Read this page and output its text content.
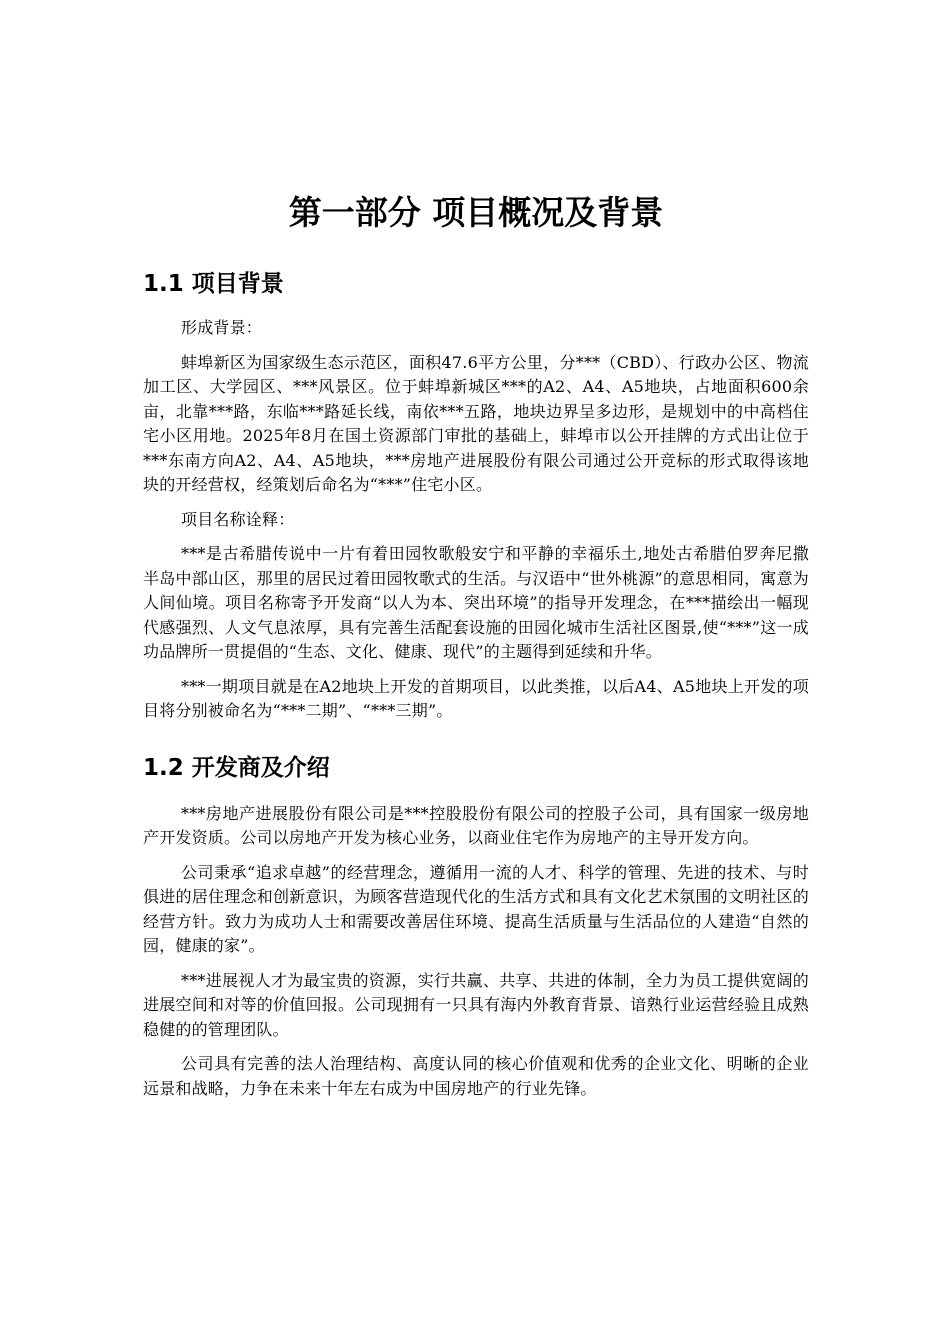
第一部分 项目概况及背景
1.1 项目背景

形成背景：

蚌埠新区为国家级生态示范区，面积47.6平方公里，分***（CBD）、行政办公区、物流加工区、大学园区、***风景区。位于蚌埠新城区***的A2、A4、A5地块，占地面积600余亩，北靠***路，东临***路延长线，南依***五路，地块边界呈多边形，是规划中的中高档住宅小区用地。2025年8月在国土资源部门审批的基础上，蚌埠市以公开挂牌的方式出让位于***东南方向A2、A4、A5地块，***房地产进展股份有限公司通过公开竞标的形式取得该地块的开经营权，经策划后命名为“***”住宅小区。

项目名称诠释：

***是古希腊传说中一片有着田园牧歌般安宁和平静的幸福乐土,地处古希腊伯罗奔尼撒半岛中部山区，那里的居民过着田园牧歌式的生活。与汉语中“世外桃源”的意思相同，寓意为人间仙境。项目名称寄予开发商“以人为本、突出环境”的指导开发理念，在***描绘出一幅现代感强烈、人文气息浓厚，具有完善生活配套设施的田园化城市生活社区图景,使“***”这一成功品牌所一贯提倡的“生态、文化、健康、现代”的主题得到延续和升华。

***一期项目就是在A2地块上开发的首期项目，以此类推，以后A4、A5地块上开发的项目将分别被命名为“***二期”、“***三期”。

1.2 开发商及介绍

***房地产进展股份有限公司是***控股股份有限公司的控股子公司，具有国家一级房地产开发资质。公司以房地产开发为核心业务，以商业住宅作为房地产的主导开发方向。

公司秉承“追求卓越”的经营理念，遵循用一流的人才、科学的管理、先进的技术、与时俱进的居住理念和创新意识，为顾客营造现代化的生活方式和具有文化艺术氛围的文明社区的经营方针。致力为成功人士和需要改善居住环境、提高生活质量与生活品位的人建造“自然的园，健康的家”。

***进展视人才为最宝贵的资源，实行共赢、共享、共进的体制，全力为员工提供宽阔的进展空间和对等的价值回报。公司现拥有一只具有海内外教育背景、谙熟行业运营经验且成熟稳健的的管理团队。

公司具有完善的法人治理结构、高度认同的核心价值观和优秀的企业文化、明晰的企业远景和战略，力争在未来十年左右成为中国房地产的行业先锋。
